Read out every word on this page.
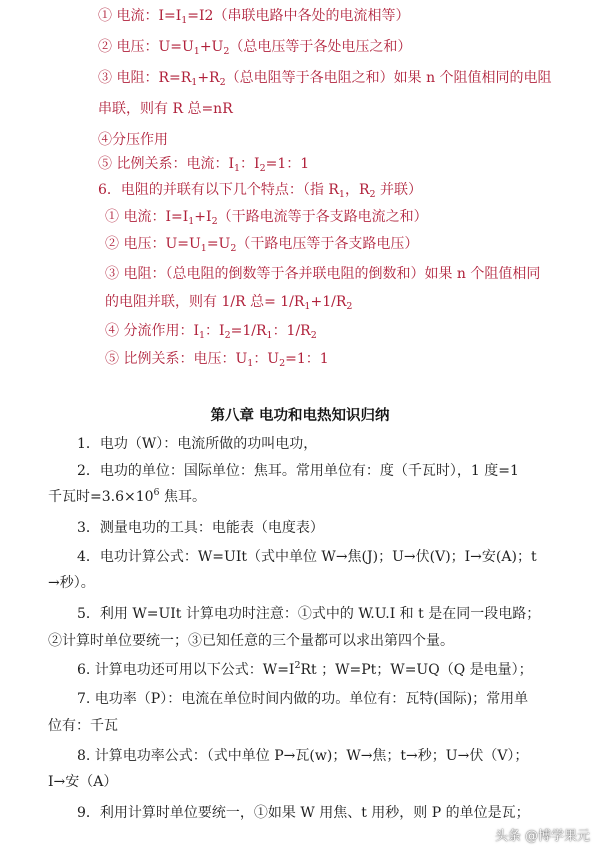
① 电流：$I=I_1=I2$（串联电路中各处的电流相等）
② 电压：$U=U_1+U_2$（总电压等于各处电压之和）
③ 电阻：$R=R_1+R_2$（总电阻等于各电阻之和）如果 n 个阻值相同的电阻
串联，则有 R 总=nR
④分压作用
⑤ 比例关系：电流：$I_1$：$I_2=1$：1
6．电阻的并联有以下几个特点：（指 $R_1$，$R_2$ 并联）
① 电流：$I=I_1+I_2$（干路电流等于各支路电流之和）
② 电压：$U=U_1=U_2$（干路电压等于各支路电压）
③ 电阻：（总电阻的倒数等于各并联电阻的倒数和）如果 n 个阻值相同
的电阻并联，则有 1/R 总= $1/R_1+1/R_2$
④ 分流作用：$I_1$：$I_2=1/R_1$：$1/R_2$
⑤ 比例关系：电压：$U_1$：$U_2=1$：1
第八章 电功和电热知识归纳
1．电功（W）：电流所做的功叫电功，
2．电功的单位：国际单位：焦耳。常用单位有：度（千瓦时），1 度=1
千瓦时$=3.6\times 10^6$ 焦耳。
3．测量电功的工具：电能表（电度表）
4．电功计算公式：W=UIt（式中单位 W→焦(J)；U→伏(V)；I→安(A)；t
→秒）。
5．利用 W=UIt 计算电功时注意：①式中的 W.U.I 和 t 是在同一段电路；
②计算时单位要统一；③已知任意的三个量都可以求出第四个量。
6. 计算电功还可用以下公式：$W=I^2Rt$ ；W=Pt；W=UQ（Q 是电量）；
7. 电功率（P）：电流在单位时间内做的功。单位有：瓦特(国际)；常用单
位有：千瓦
8. 计算电功率公式：（式中单位 P→瓦(w)；W→焦；t→秒；U→伏（V）；
I→安（A）
9．利用计算时单位要统一，①如果 W 用焦、t 用秒，则 P 的单位是瓦；
头条 @博学果元
